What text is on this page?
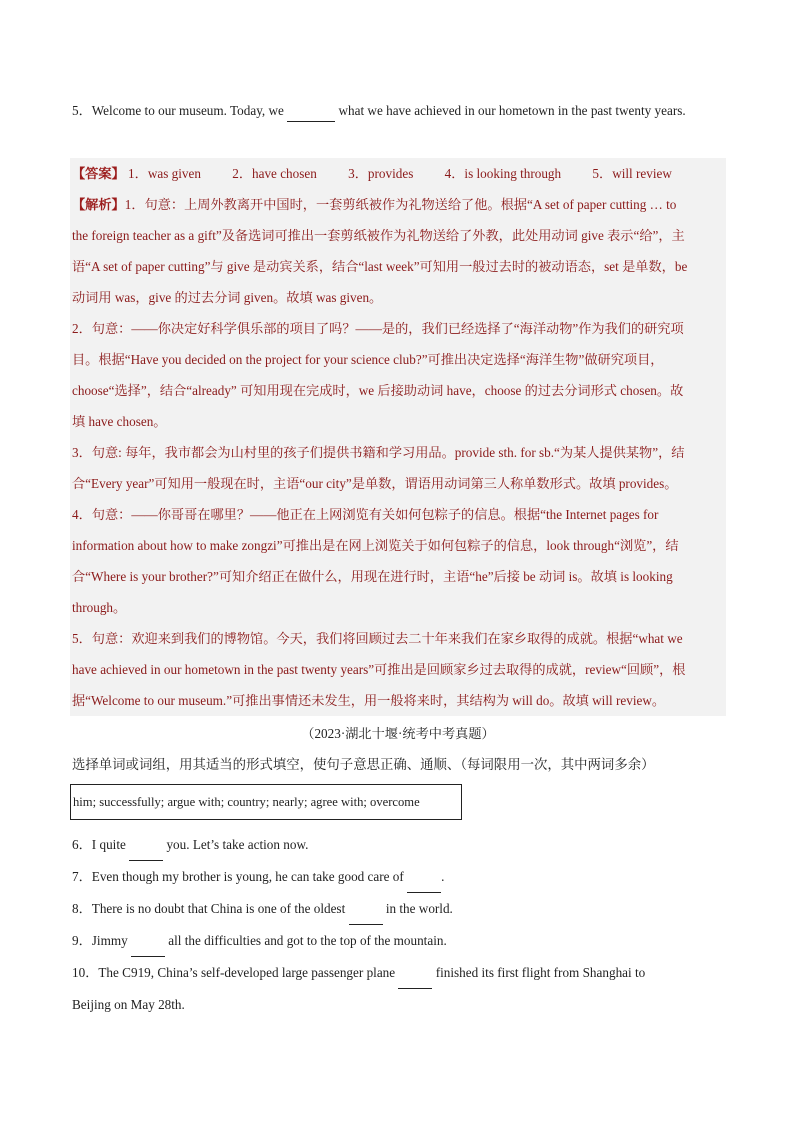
5．Welcome to our museum. Today, we	what we have achieved in our hometown in the past twenty years.

【答案】 1．was given 2．have chosen 3．provides 4．is looking through 5．will review

【解析】1．句意：上周外教离开中国时，一套剪纸被作为礼物送给了他。根据“A set of paper cutting … to

the foreign teacher as a gift”及备选词可推出一套剪纸被作为礼物送给了外教，此处用动词 give 表示“给”，主

语“A set of paper cutting”与 give 是动宾关系，结合“last week”可知用一般过去时的被动语态，set 是单数，be

动词用 was，give 的过去分词 given。故填 was given。

2．句意：——你决定好科学俱乐部的项目了吗？——是的，我们已经选择了“海洋动物”作为我们的研究项

目。根据“Have you decided on the project for your science club?”可推出决定选择“海洋生物”做研究项目，

choose“选择”，结合“already” 可知用现在完成时，we 后接助动词 have，choose 的过去分词形式 chosen。故

填 have chosen。

3．句意: 每年，我市都会为山村里的孩子们提供书籍和学习用品。provide sth. for sb.“为某人提供某物”，结

合“Every year”可知用一般现在时，主语“our city”是单数，谓语用动词第三人称单数形式。故填 provides。

4．句意：——你哥哥在哪里？——他正在上网浏览有关如何包粽子的信息。根据“the Internet pages for

information about how to make zongzi”可推出是在网上浏览关于如何包粽子的信息，look through“浏览”，结

合“Where is your brother?”可知介绍正在做什么，用现在进行时，主语“he”后接 be 动词 is。故填 is looking

through。

5．句意：欢迎来到我们的博物馆。今天，我们将回顾过去二十年来我们在家乡取得的成就。根据“what we

have achieved in our hometown in the past twenty years”可推出是回顾家乡过去取得的成就，review“回顾”，根

据“Welcome to our museum.”可推出事情还未发生，用一般将来时，其结构为 will do。故填 will review。

（2023·湖北十堰·统考中考真题）
选择单词或词组，用其适当的形式填空，使句子意思正确、通顺、（每词限用一次，其中两词多余）
him; successfully; argue with; country; nearly; agree with; overcome

6．I quite	you. Let’s take action now.

7．Even though my brother is young, he can take good care of	.

8．There is no doubt that China is one of the oldest	in the world.

9．Jimmy	all the difficulties and got to the top of the mountain.

10．The C919, China’s self-developed large passenger plane	finished its first flight from Shanghai to

Beijing on May 28th.
